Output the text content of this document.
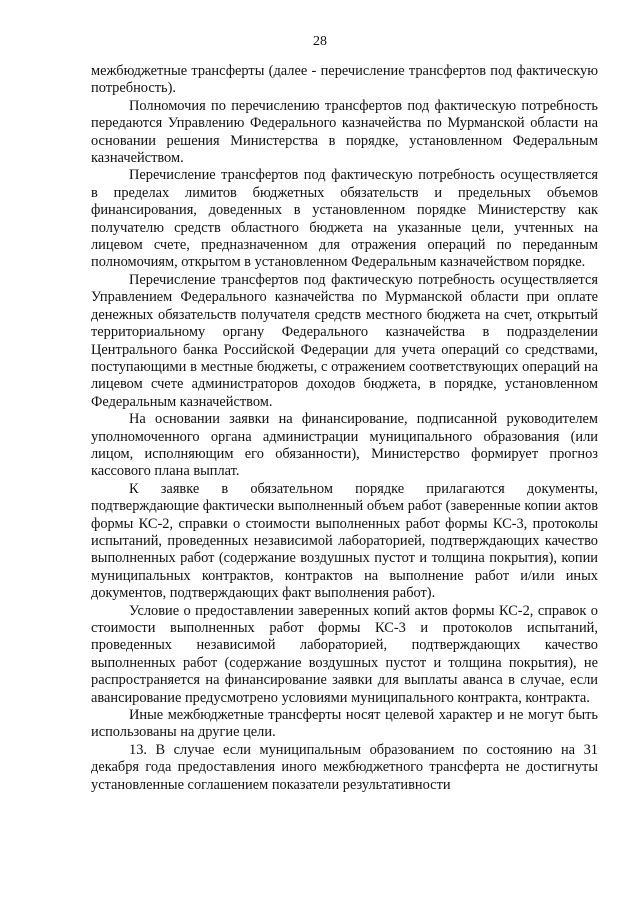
28

межбюджетные трансферты (далее - перечисление трансфертов под фактическую потребность).

Полномочия по перечислению трансфертов под фактическую потребность передаются Управлению Федерального казначейства по Мурманской области на основании решения Министерства в порядке, установленном Федеральным казначейством.

Перечисление трансфертов под фактическую потребность осуществляется в пределах лимитов бюджетных обязательств и предельных объемов финансирования, доведенных в установленном порядке Министерству как получателю средств областного бюджета на указанные цели, учтенных на лицевом счете, предназначенном для отражения операций по переданным полномочиям, открытом в установленном Федеральным казначейством порядке.

Перечисление трансфертов под фактическую потребность осуществляется Управлением Федерального казначейства по Мурманской области при оплате денежных обязательств получателя средств местного бюджета на счет, открытый территориальному органу Федерального казначейства в подразделении Центрального банка Российской Федерации для учета операций со средствами, поступающими в местные бюджеты, с отражением соответствующих операций на лицевом счете администраторов доходов бюджета, в порядке, установленном Федеральным казначейством.

На основании заявки на финансирование, подписанной руководителем уполномоченного органа администрации муниципального образования (или лицом, исполняющим его обязанности), Министерство формирует прогноз кассового плана выплат.

К заявке в обязательном порядке прилагаются документы, подтверждающие фактически выполненный объем работ (заверенные копии актов формы КС-2, справки о стоимости выполненных работ формы КС-3, протоколы испытаний, проведенных независимой лабораторией, подтверждающих качество выполненных работ (содержание воздушных пустот и толщина покрытия), копии муниципальных контрактов, контрактов на выполнение работ и/или иных документов, подтверждающих факт выполнения работ).

Условие о предоставлении заверенных копий актов формы КС-2, справок о стоимости выполненных работ формы КС-3 и протоколов испытаний, проведенных независимой лабораторией, подтверждающих качество выполненных работ (содержание воздушных пустот и толщина покрытия), не распространяется на финансирование заявки для выплаты аванса в случае, если авансирование предусмотрено условиями муниципального контракта, контракта.

Иные межбюджетные трансферты носят целевой характер и не могут быть использованы на другие цели.

13. В случае если муниципальным образованием по состоянию на 31 декабря года предоставления иного межбюджетного трансферта не достигнуты установленные соглашением показатели результативности
